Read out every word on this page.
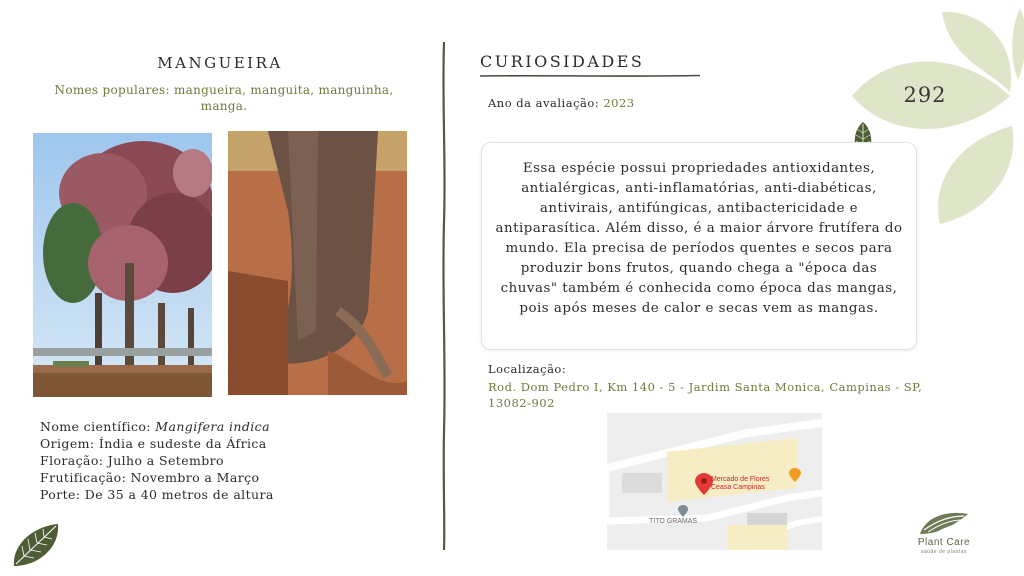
292
MANGUEIRA
Nomes populares: mangueira, manguita, manguinha, manga.
Nome científico: Mangifera indica
Origem: Índia e sudeste da África
Floração: Julho a Setembro
Frutificação: Novembro a Março
Porte: De 35 a 40 metros de altura
CURIOSIDADES
Ano da avaliação: 2023
Essa espécie possui propriedades antioxidantes, antialérgicas, anti-inflamatórias, anti-diabéticas, antivirais, antifúngicas, antibactericidade e antiparasítica. Além disso, é a maior árvore frutífera do mundo. Ela precisa de períodos quentes e secos para produzir bons frutos, quando chega a "época das chuvas" também é conhecida como época das mangas, pois após meses de calor e secas vem as mangas.
Localização:
Rod. Dom Pedro I, Km 140 - 5 - Jardim Santa Monica, Campinas - SP, 13082-902
Mercado de Flores
Ceasa Campinas
TITO GRAMAS
Plant Care
saúde de plantas
